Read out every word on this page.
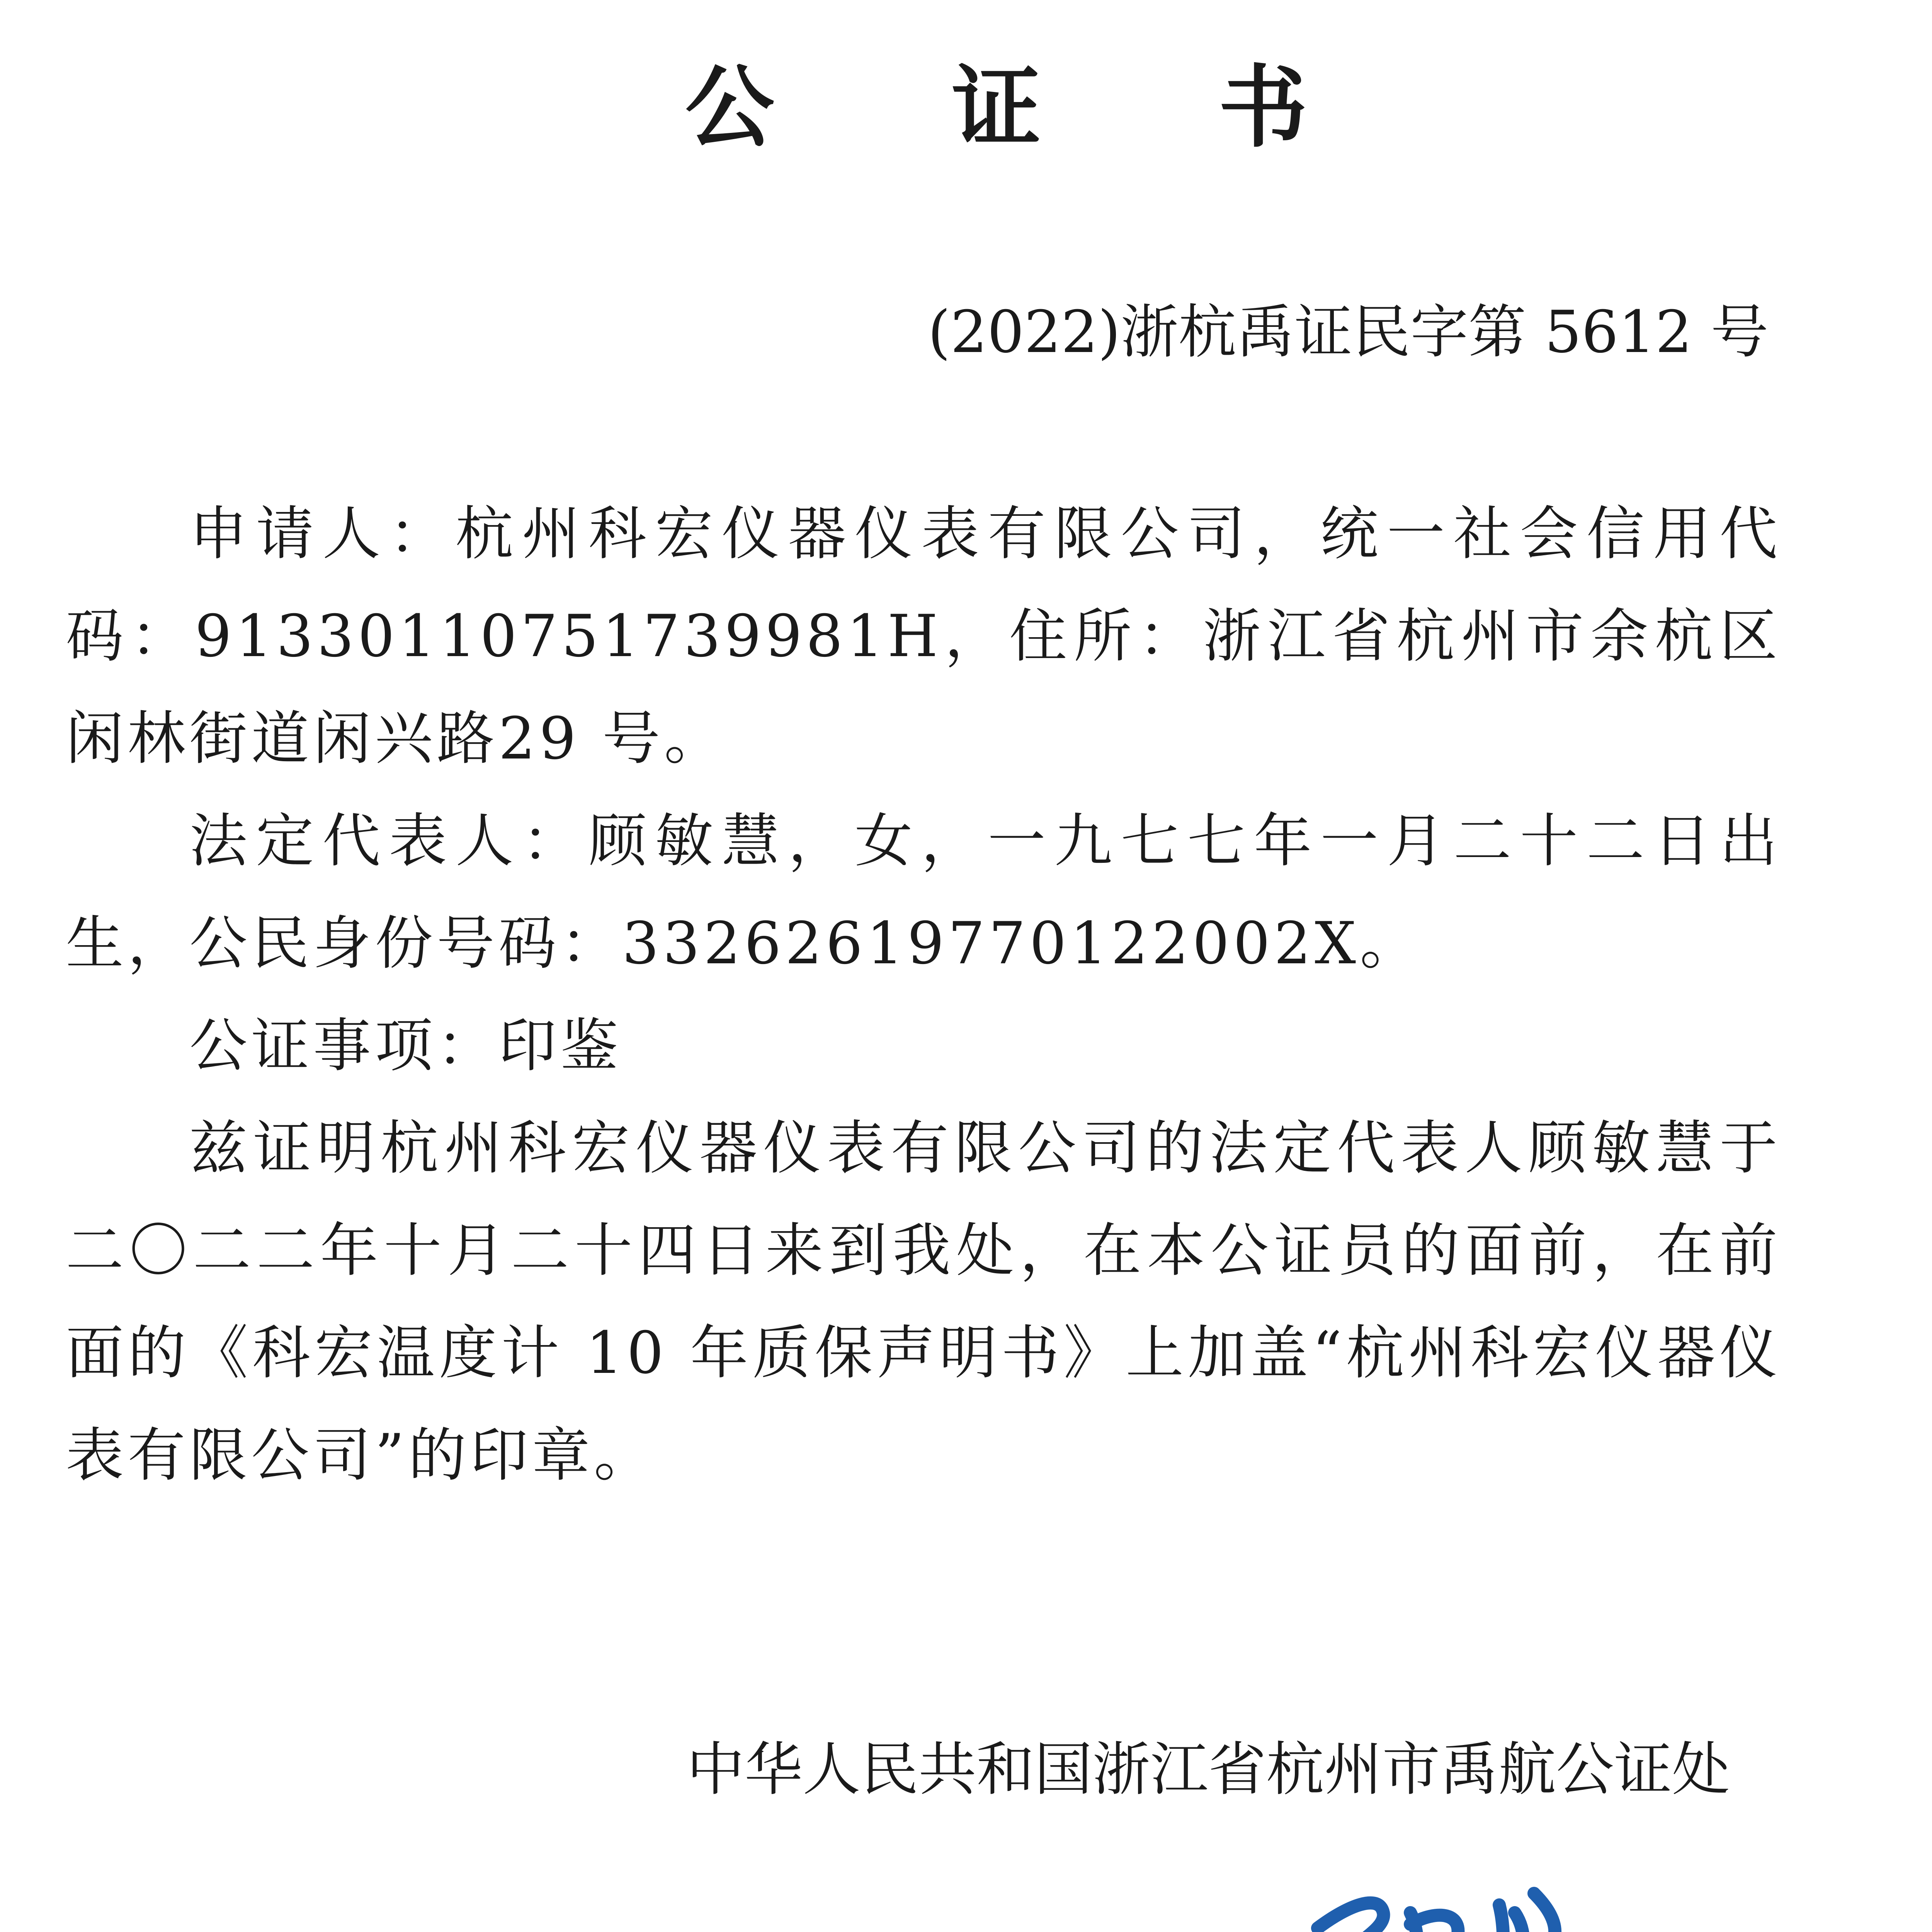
公 证 书
(2022)浙杭禹证民字第 5612 号

申请人：杭州科宏仪器仪表有限公司，统一社会信用代码：91330110751739981H，住所：浙江省杭州市余杭区闲林街道闲兴路29 号。

法定代表人：顾敏慧，女，一九七七年一月二十二日出生，公民身份号码：33262619770122002X。

公证事项：印鉴

兹证明杭州科宏仪器仪表有限公司的法定代表人顾敏慧于二〇二二年十月二十四日来到我处，在本公证员的面前，在前面的《科宏温度计 10 年质保声明书》上加盖“杭州科宏仪器仪表有限公司”的印章。

中华人民共和国浙江省杭州市禹航公证处
